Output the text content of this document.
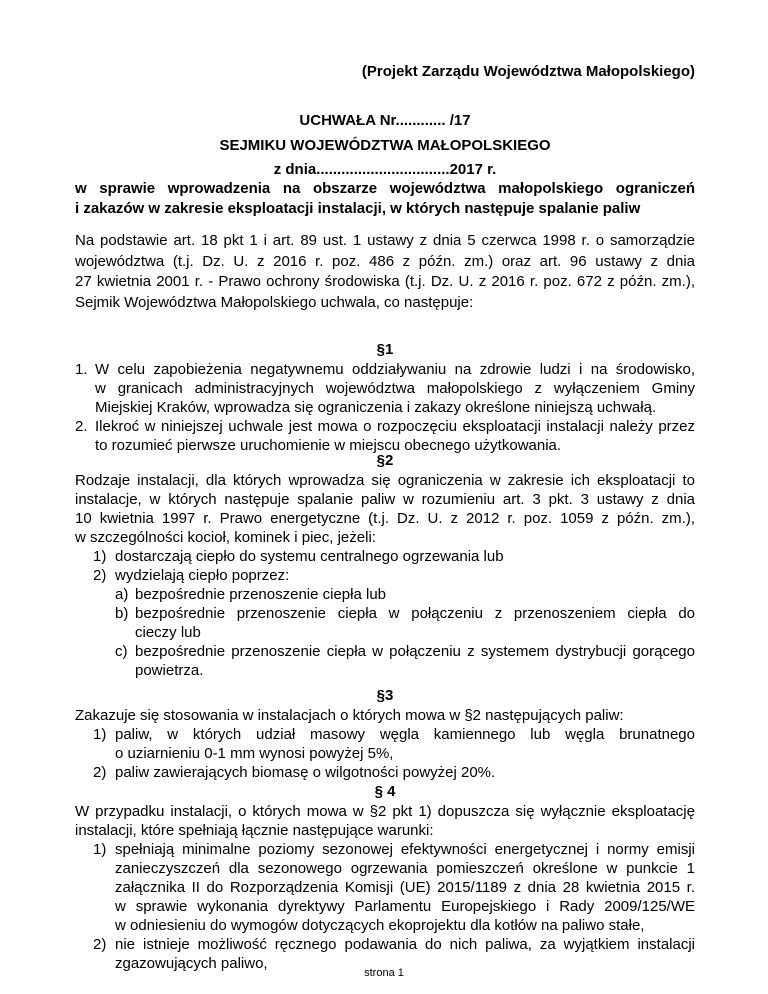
(Projekt Zarządu Województwa Małopolskiego)
UCHWAŁA Nr............ /17
SEJMIKU WOJEWÓDZTWA MAŁOPOLSKIEGO
z dnia................................2017 r.
w sprawie wprowadzenia na obszarze województwa małopolskiego ograniczeń
i zakazów w zakresie eksploatacji instalacji, w których następuje spalanie paliw
Na podstawie art. 18 pkt 1 i art. 89 ust. 1 ustawy z dnia 5 czerwca 1998 r. o samorządzie
województwa (t.j. Dz. U. z 2016 r. poz. 486 z późn. zm.) oraz art. 96 ustawy z dnia
27 kwietnia 2001 r. - Prawo ochrony środowiska (t.j. Dz. U. z 2016 r. poz. 672 z późn. zm.),
Sejmik Województwa Małopolskiego uchwala, co następuje:
§1
1. W celu zapobieżenia negatywnemu oddziaływaniu na zdrowie ludzi i na środowisko,
w granicach administracyjnych województwa małopolskiego z wyłączeniem Gminy
Miejskiej Kraków, wprowadza się ograniczenia i zakazy określone niniejszą uchwałą.
2. Ilekroć w niniejszej uchwale jest mowa o rozpoczęciu eksploatacji instalacji należy przez
to rozumieć pierwsze uruchomienie w miejscu obecnego użytkowania.
§2
Rodzaje instalacji, dla których wprowadza się ograniczenia w zakresie ich eksploatacji to
instalacje, w których następuje spalanie paliw w rozumieniu art. 3 pkt. 3 ustawy z dnia
10 kwietnia 1997 r. Prawo energetyczne (t.j. Dz. U. z 2012 r. poz. 1059 z późn. zm.),
w szczególności kocioł, kominek i piec, jeżeli:
1) dostarczają ciepło do systemu centralnego ogrzewania lub
2) wydzielają ciepło poprzez:
a) bezpośrednie przenoszenie ciepła lub
b) bezpośrednie przenoszenie ciepła w połączeniu z przenoszeniem ciepła do
cieczy lub
c) bezpośrednie przenoszenie ciepła w połączeniu z systemem dystrybucji gorącego
powietrza.
§3
Zakazuje się stosowania w instalacjach o których mowa w §2 następujących paliw:
1) paliw, w których udział masowy węgla kamiennego lub węgla brunatnego
o uziarnieniu 0-1 mm wynosi powyżej 5%,
2) paliw zawierających biomasę o wilgotności powyżej 20%.
§ 4
W przypadku instalacji, o których mowa w §2 pkt 1) dopuszcza się wyłącznie eksploatację
instalacji, które spełniają łącznie następujące warunki:
1) spełniają minimalne poziomy sezonowej efektywności energetycznej i normy emisji
zanieczyszczeń dla sezonowego ogrzewania pomieszczeń określone w punkcie 1
załącznika II do Rozporządzenia Komisji (UE) 2015/1189 z dnia 28 kwietnia 2015 r.
w sprawie wykonania dyrektywy Parlamentu Europejskiego i Rady 2009/125/WE
w odniesieniu do wymogów dotyczących ekoprojektu dla kotłów na paliwo stałe,
2) nie istnieje możliwość ręcznego podawania do nich paliwa, za wyjątkiem instalacji
zgazowujących paliwo,
strona 1
